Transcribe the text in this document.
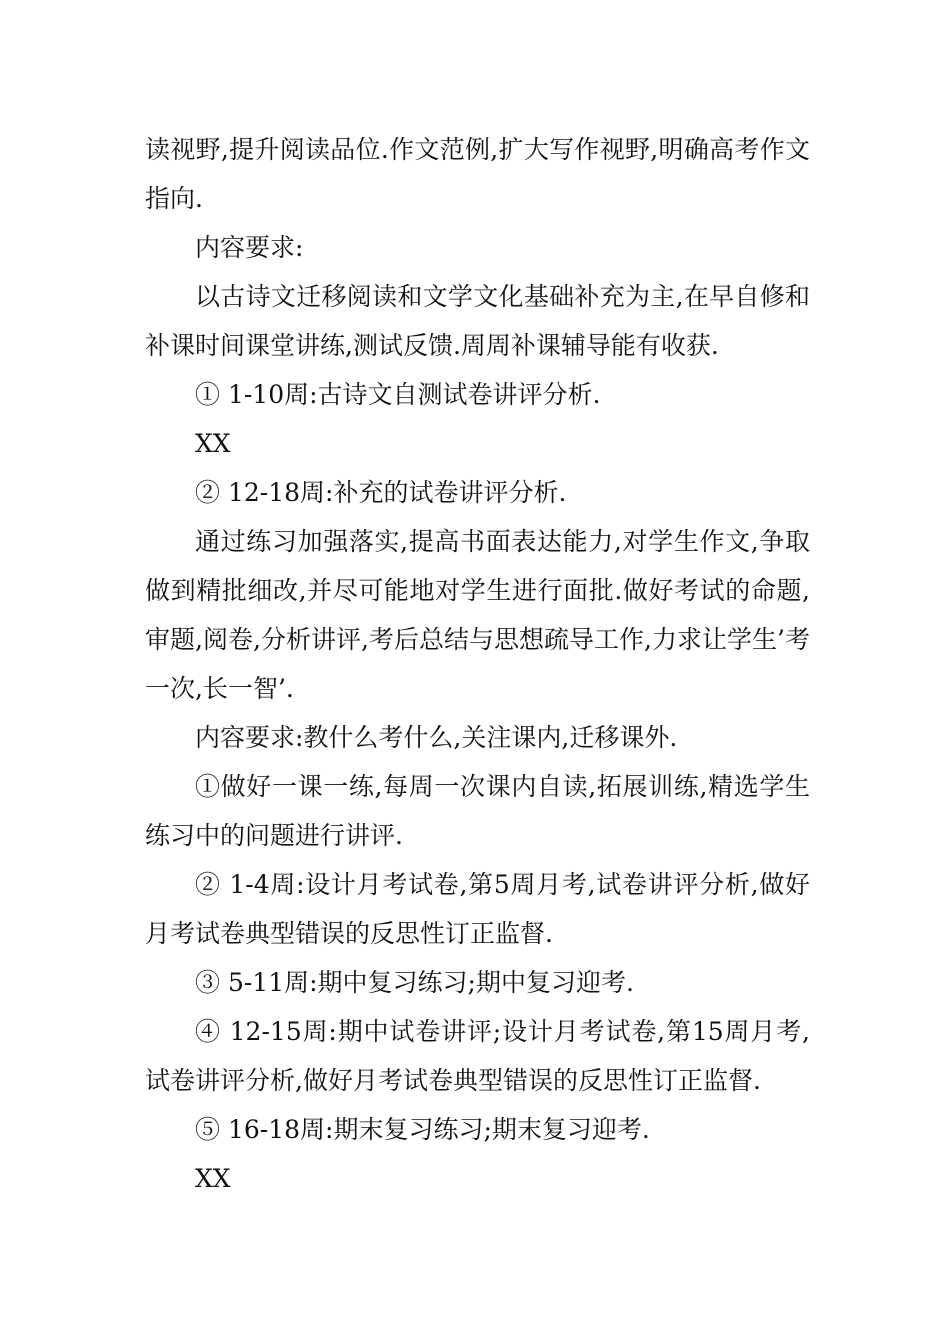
读视野,提升阅读品位.作文范例,扩大写作视野,明确高考作文指向.

内容要求:

以古诗文迁移阅读和文学文化基础补充为主,在早自修和补课时间课堂讲练,测试反馈.周周补课辅导能有收获.

① 1-10周:古诗文自测试卷讲评分析.

XX

② 12-18周:补充的试卷讲评分析.

通过练习加强落实,提高书面表达能力,对学生作文,争取做到精批细改,并尽可能地对学生进行面批.做好考试的命题,审题,阅卷,分析讲评,考后总结与思想疏导工作,力求让学生’考一次,长一智’.

内容要求:教什么考什么,关注课内,迁移课外.

①做好一课一练,每周一次课内自读,拓展训练,精选学生练习中的问题进行讲评.

② 1-4周:设计月考试卷,第5周月考,试卷讲评分析,做好月考试卷典型错误的反思性订正监督.

③ 5-11周:期中复习练习;期中复习迎考.

④ 12-15周:期中试卷讲评;设计月考试卷,第15周月考,试卷讲评分析,做好月考试卷典型错误的反思性订正监督.

⑤ 16-18周:期末复习练习;期末复习迎考.

XX
